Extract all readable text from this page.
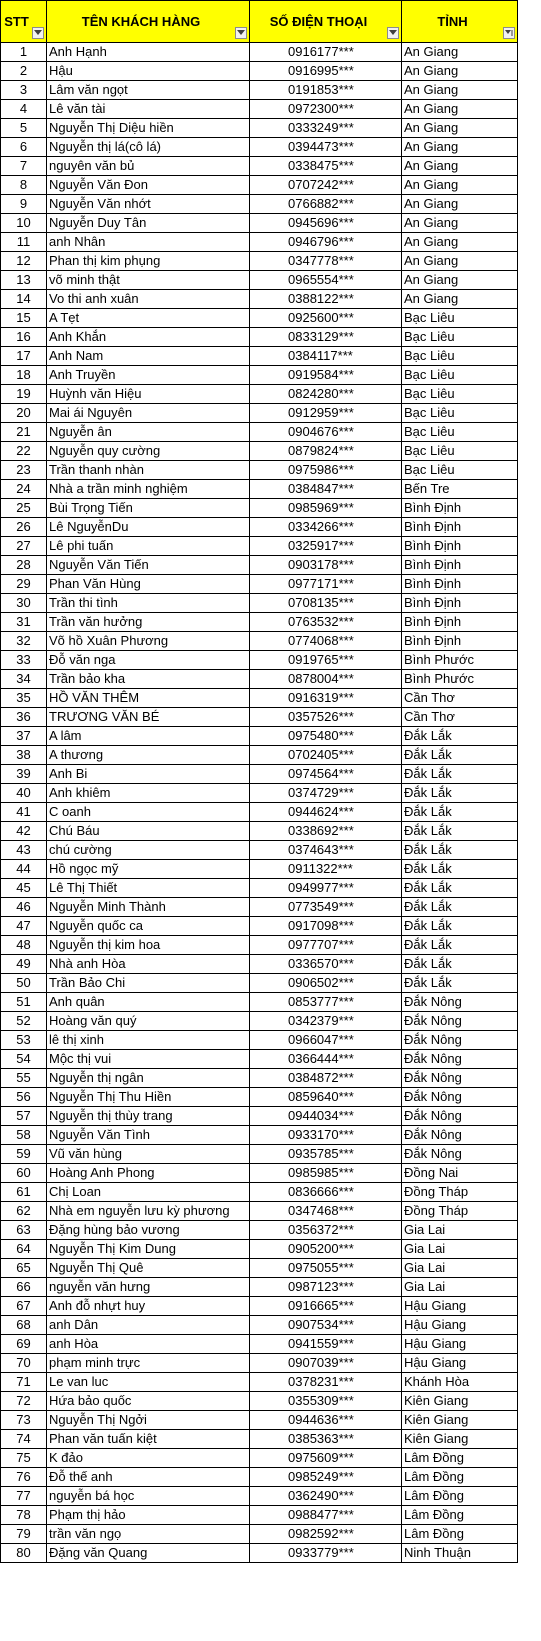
STT	TÊN KHÁCH HÀNG	SỐ ĐIỆN THOẠI	TỈNH

1	Anh Hạnh	0916177***	An Giang
2	Hậu	0916995***	An Giang
3	Lâm văn ngọt	0191853***	An Giang
4	Lê văn tài	0972300***	An Giang
5	Nguyễn Thị Diệu hiền	0333249***	An Giang
6	Nguyễn thị lá(cô lá)	0394473***	An Giang
7	nguyên văn bủ	0338475***	An Giang
8	Nguyễn Văn Đon	0707242***	An Giang
9	Nguyễn Văn nhớt	0766882***	An Giang
10	Nguyễn Duy Tân	0945696***	An Giang
11	anh Nhân	0946796***	An Giang
12	Phan thị kim phụng	0347778***	An Giang
13	võ minh thật	0965554***	An Giang
14	Vo thi anh xuân	0388122***	An Giang
15	A Tẹt	0925600***	Bạc Liêu
16	Anh Khắn	0833129***	Bạc Liêu
17	Anh Nam	0384117***	Bạc Liêu
18	Anh Truyền	0919584***	Bạc Liêu
19	Huỳnh văn Hiệu	0824280***	Bạc Liêu
20	Mai ái Nguyên	0912959***	Bạc Liêu
21	Nguyễn ân	0904676***	Bạc Liêu
22	Nguyễn quy cường	0879824***	Bạc Liêu
23	Trần thanh nhàn	0975986***	Bạc Liêu
24	Nhà a trần minh nghiệm	0384847***	Bến Tre
25	Bùi Trọng Tiến	0985969***	Bình Định
26	Lê NguyễnDu	0334266***	Bình Định
27	Lê phi tuấn	0325917***	Bình Định
28	Nguyễn Văn Tiến	0903178***	Bình Định
29	Phan Văn Hùng	0977171***	Bình Định
30	Trần thi tình	0708135***	Bình Định
31	Trần văn hưởng	0763532***	Bình Định
32	Võ hồ Xuân Phương	0774068***	Bình Định
33	Đỗ văn nga	0919765***	Bình Phước
34	Trần bảo kha	0878004***	Bình Phước
35	HỒ VĂN THÊM	0916319***	Cần Thơ
36	TRƯƠNG VĂN BÉ	0357526***	Cần Thơ
37	A lâm	0975480***	Đắk Lắk
38	A thương	0702405***	Đắk Lắk
39	Anh Bi	0974564***	Đắk Lắk
40	Anh khiêm	0374729***	Đắk Lắk
41	C oanh	0944624***	Đắk Lắk
42	Chú Báu	0338692***	Đắk Lắk
43	chú cường	0374643***	Đắk Lắk
44	Hồ ngọc mỹ	0911322***	Đắk Lắk
45	Lê Thị Thiết	0949977***	Đắk Lắk
46	Nguyễn Minh Thành	0773549***	Đắk Lắk
47	Nguyễn quốc ca	0917098***	Đắk Lắk
48	Nguyễn thị kim hoa	0977707***	Đắk Lắk
49	Nhà anh Hòa	0336570***	Đắk Lắk
50	Trần Bảo Chi	0906502***	Đắk Lắk
51	Anh quân	0853777***	Đắk Nông
52	Hoàng văn quý	0342379***	Đắk Nông
53	lê thị xinh	0966047***	Đắk Nông
54	Mộc thị vui	0366444***	Đắk Nông
55	Nguyễn thị ngân	0384872***	Đắk Nông
56	Nguyễn Thị Thu Hiền	0859640***	Đắk Nông
57	Nguyễn thị thùy trang	0944034***	Đắk Nông
58	Nguyễn Văn Tình	0933170***	Đắk Nông
59	Vũ văn hùng	0935785***	Đắk Nông
60	Hoàng Anh Phong	0985985***	Đồng Nai
61	Chị Loan	0836666***	Đồng Tháp
62	Nhà em nguyễn lưu kỳ phương	0347468***	Đồng Tháp
63	Đặng hùng bảo vương	0356372***	Gia Lai
64	Nguyễn Thị Kim Dung	0905200***	Gia Lai
65	Nguyễn Thị Quê	0975055***	Gia Lai
66	nguyễn văn hưng	0987123***	Gia Lai
67	Anh đỗ nhựt huy	0916665***	Hậu Giang
68	anh Dân	0907534***	Hậu Giang
69	anh Hòa	0941559***	Hậu Giang
70	phạm minh trực	0907039***	Hậu Giang
71	Le van luc	0378231***	Khánh Hòa
72	Hứa bảo quốc	0355309***	Kiên Giang
73	Nguyễn Thị Ngởi	0944636***	Kiên Giang
74	Phan văn tuấn kiệt	0385363***	Kiên Giang
75	K đảo	0975609***	Lâm Đồng
76	Đỗ thế anh	0985249***	Lâm Đồng
77	nguyễn bá học	0362490***	Lâm Đồng
78	Phạm thị hảo	0988477***	Lâm Đồng
79	trần văn ngọ	0982592***	Lâm Đồng
80	Đặng văn Quang	0933779***	Ninh Thuận
